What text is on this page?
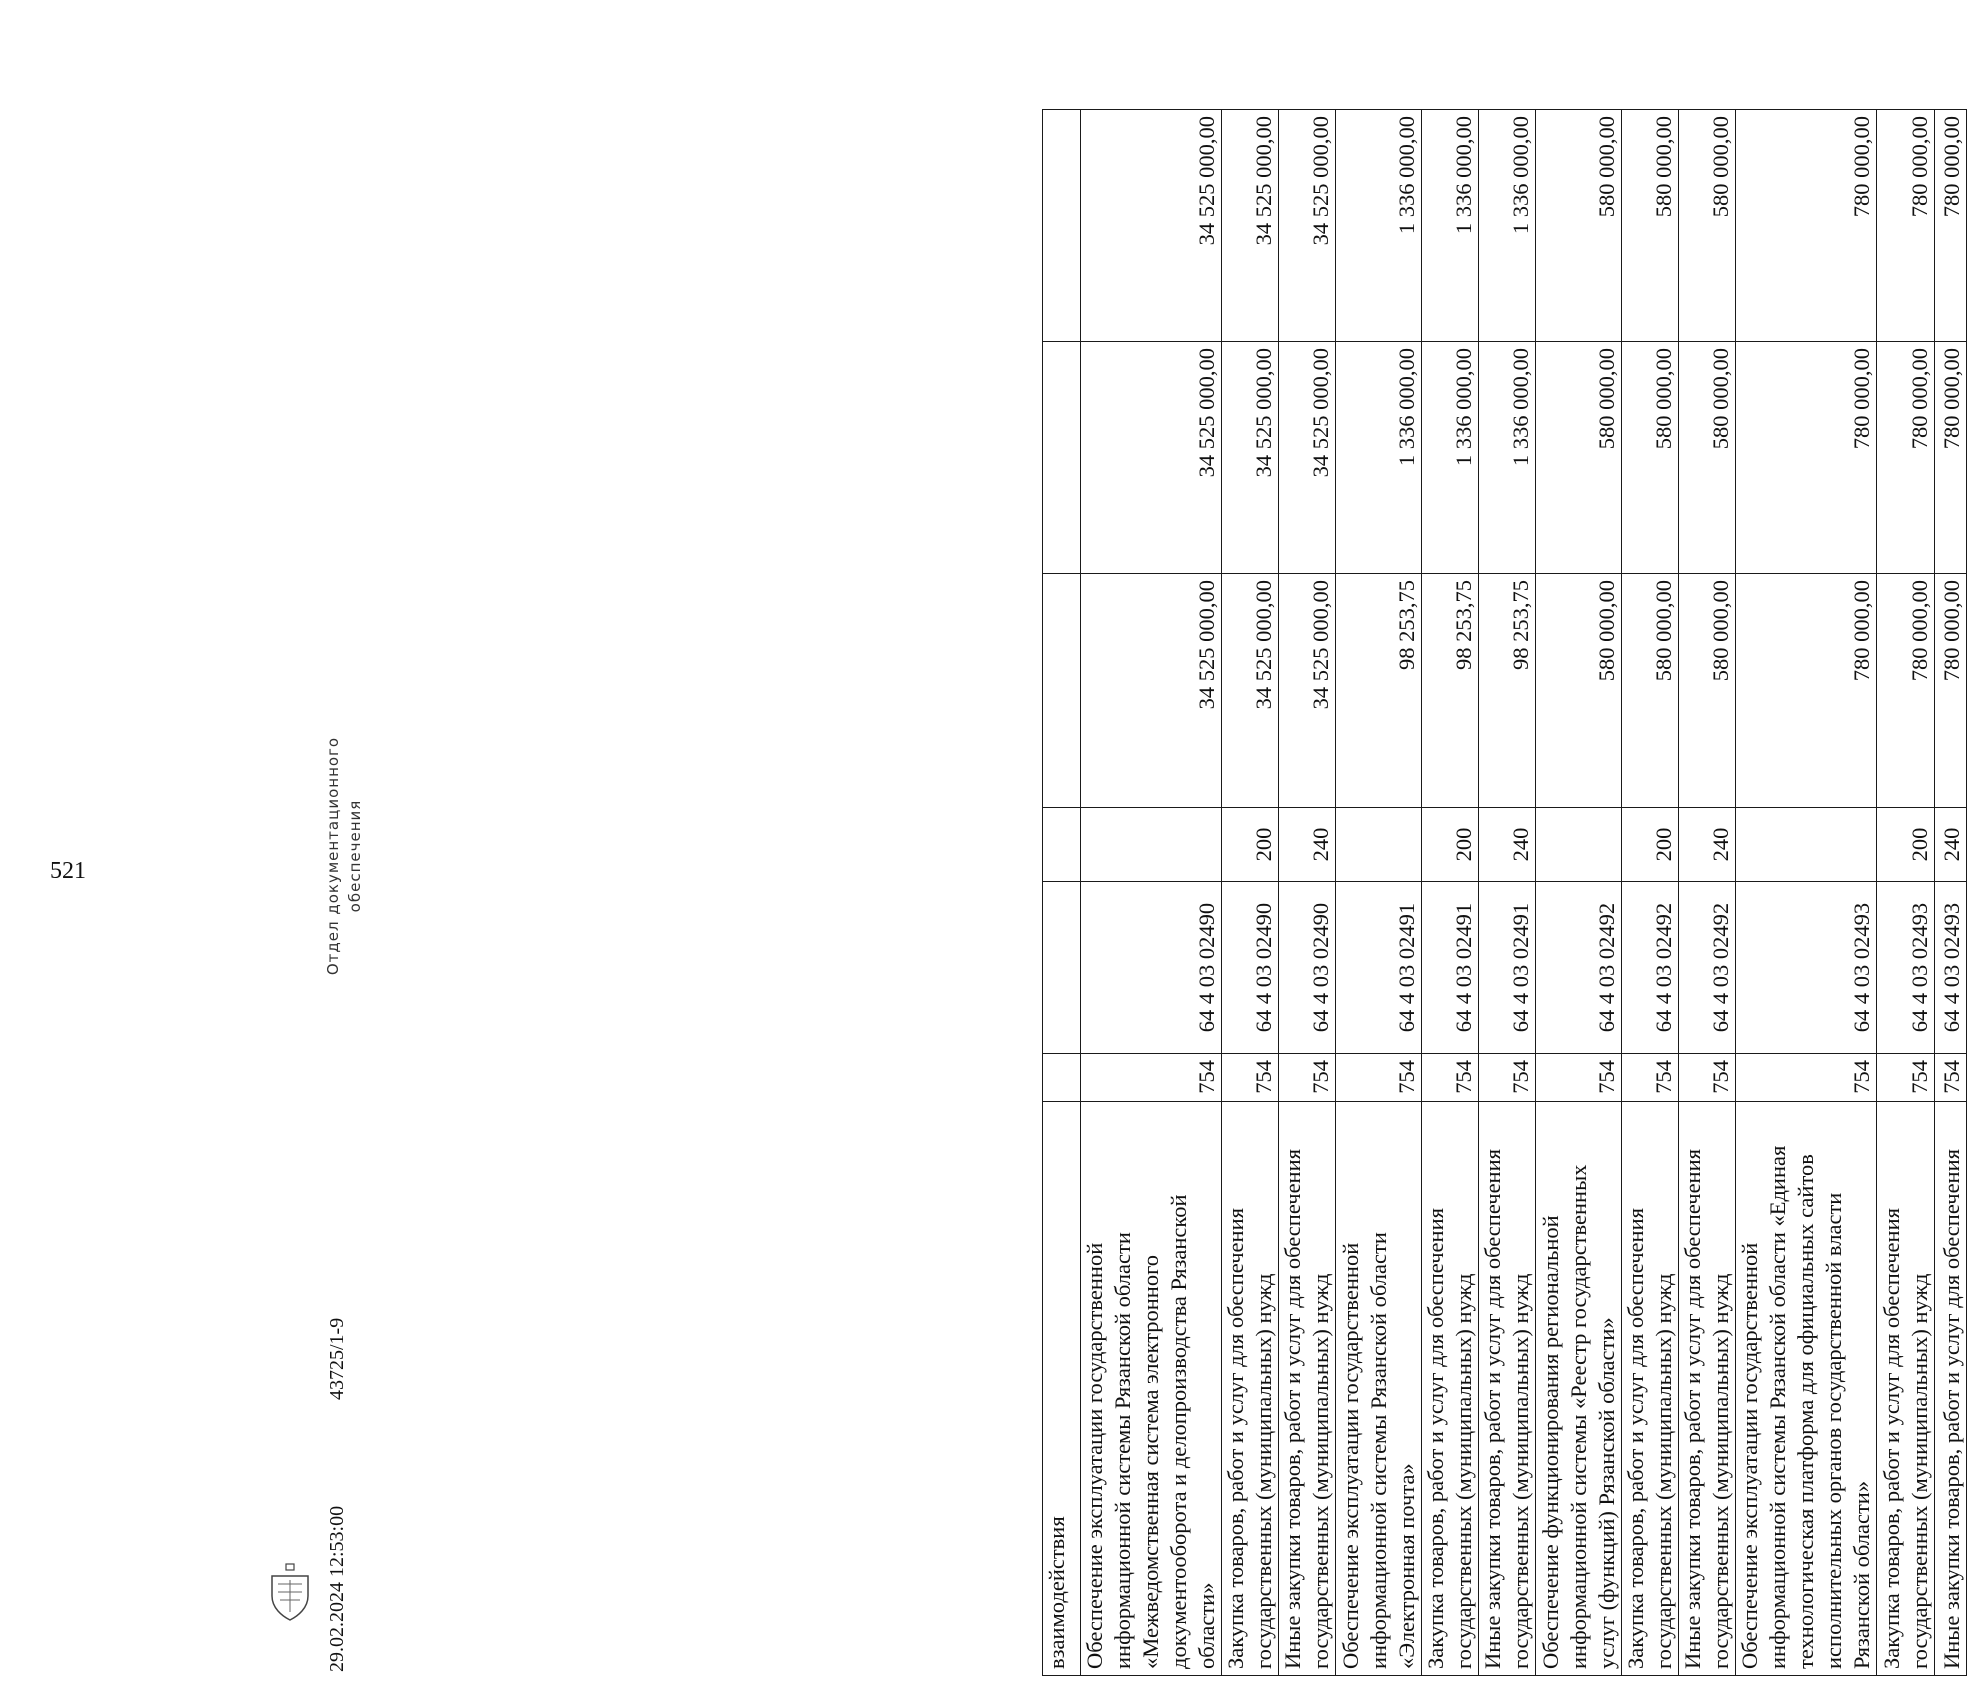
521
взаимодействия						
Обеспечение эксплуатации государственной информационной системы Рязанской области «Межведомственная система электронного документооборота и делопроизводства Рязанской области»	754	64 4 03 02490		34 525 000,00	34 525 000,00	34 525 000,00
Закупка товаров, работ и услуг для обеспечения государственных (муниципальных) нужд	754	64 4 03 02490	200	34 525 000,00	34 525 000,00	34 525 000,00
Иные закупки товаров, работ и услуг для обеспечения государственных (муниципальных) нужд	754	64 4 03 02490	240	34 525 000,00	34 525 000,00	34 525 000,00
Обеспечение эксплуатации государственной информационной системы Рязанской области «Электронная почта»	754	64 4 03 02491		98 253,75	1 336 000,00	1 336 000,00
Закупка товаров, работ и услуг для обеспечения государственных (муниципальных) нужд	754	64 4 03 02491	200	98 253,75	1 336 000,00	1 336 000,00
Иные закупки товаров, работ и услуг для обеспечения государственных (муниципальных) нужд	754	64 4 03 02491	240	98 253,75	1 336 000,00	1 336 000,00
Обеспечение функционирования региональной информационной системы «Реестр государственных услуг (функций) Рязанской области»	754	64 4 03 02492		580 000,00	580 000,00	580 000,00
Закупка товаров, работ и услуг для обеспечения государственных (муниципальных) нужд	754	64 4 03 02492	200	580 000,00	580 000,00	580 000,00
Иные закупки товаров, работ и услуг для обеспечения государственных (муниципальных) нужд	754	64 4 03 02492	240	580 000,00	580 000,00	580 000,00
Обеспечение эксплуатации государственной информационной системы Рязанской области «Единая технологическая платформа для официальных сайтов исполнительных органов государственной власти Рязанской области»	754	64 4 03 02493		780 000,00	780 000,00	780 000,00
Закупка товаров, работ и услуг для обеспечения государственных (муниципальных) нужд	754	64 4 03 02493	200	780 000,00	780 000,00	780 000,00
Иные закупки товаров, работ и услуг для обеспечения	754	64 4 03 02493	240	780 000,00	780 000,00	780 000,00
29.02.2024 12:53:00
43725/1-9
Отдел документационного обеспечения
